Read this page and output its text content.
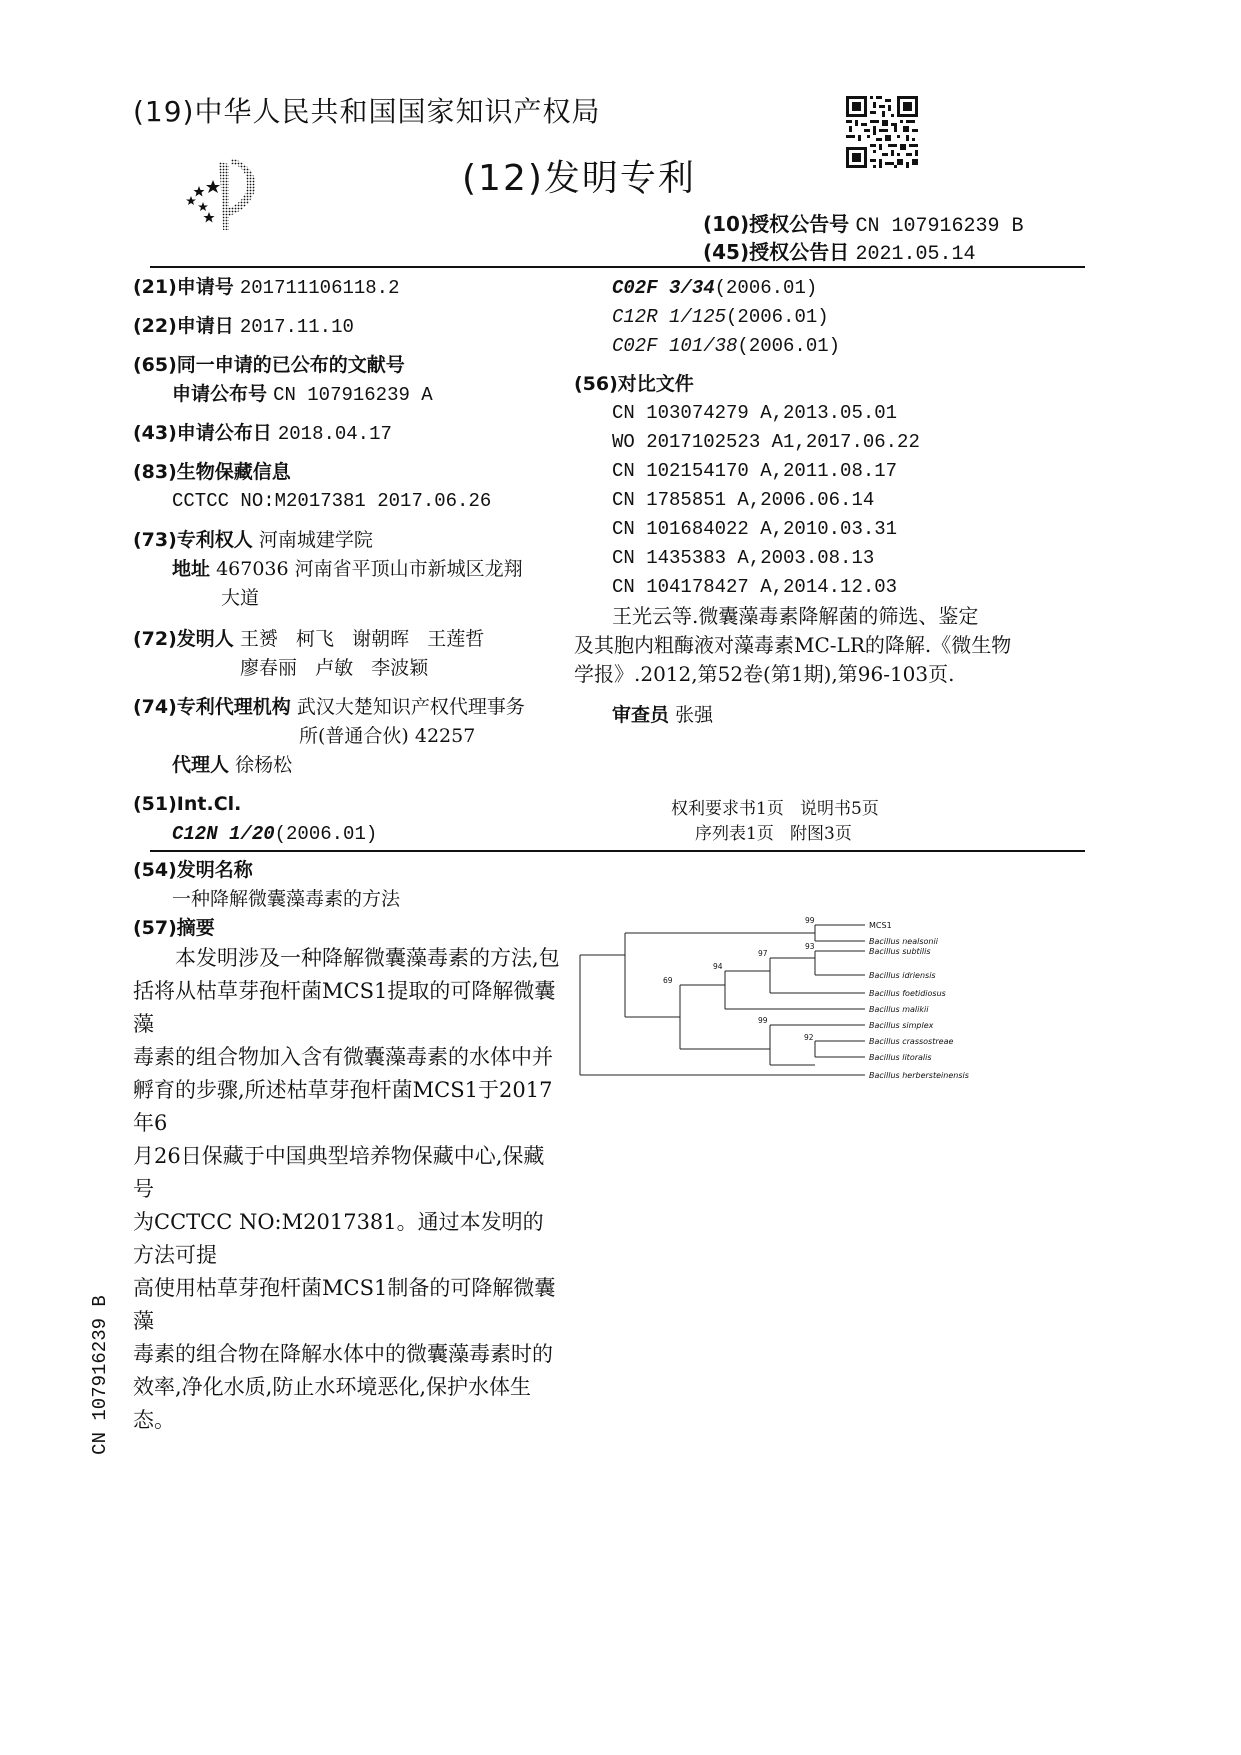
(19)中华人民共和国国家知识产权局
(12)发明专利
(10)授权公告号 CN 107916239 B
(45)授权公告日 2021.05.14
(21)申请号 201711106118.2
(22)申请日 2017.11.10
(65)同一申请的已公布的文献号
申请公布号 CN 107916239 A
(43)申请公布日 2018.04.17
(83)生物保藏信息
CCTCC NO:M2017381 2017.06.26
(73)专利权人 河南城建学院
地址 467036 河南省平顶山市新城区龙翔
大道
(72)发明人 王赟   柯飞   谢朝晖   王莲哲
廖春丽   卢敏   李波颖
(74)专利代理机构 武汉大楚知识产权代理事务
所(普通合伙) 42257
代理人 徐杨松
(51)Int.Cl.
C12N 1/20(2006.01)
C02F 3/34(2006.01)
C12R 1/125(2006.01)
C02F 101/38(2006.01)
(56)对比文件
CN 103074279 A,2013.05.01
WO 2017102523 A1,2017.06.22
CN 102154170 A,2011.08.17
CN 1785851 A,2006.06.14
CN 101684022 A,2010.03.31
CN 1435383 A,2003.08.13
CN 104178427 A,2014.12.03
王光云等.微囊藻毒素降解菌的筛选、鉴定
及其胞内粗酶液对藻毒素MC-LR的降解.《微生物
学报》.2012,第52卷(第1期),第96-103页.
审查员 张强
权利要求书1页   说明书5页
序列表1页   附图3页
(54)发明名称
一种降解微囊藻毒素的方法
(57)摘要
本发明涉及一种降解微囊藻毒素的方法,包
括将从枯草芽孢杆菌MCS1提取的可降解微囊藻
毒素的组合物加入含有微囊藻毒素的水体中并
孵育的步骤,所述枯草芽孢杆菌MCS1于2017年6
月26日保藏于中国典型培养物保藏中心,保藏号
为CCTCC NO:M2017381。通过本发明的方法可提
高使用枯草芽孢杆菌MCS1制备的可降解微囊藻
毒素的组合物在降解水体中的微囊藻毒素时的
效率,净化水质,防止水环境恶化,保护水体生
态。
99
93
97
94
69
99
92
MCS1
Bacillus nealsonii
Bacillus subtilis
Bacillus idriensis
Bacillus foetidiosus
Bacillus malikii
Bacillus simplex
Bacillus crassostreae
Bacillus litoralis
Bacillus herbersteinensis
CN 107916239 B
